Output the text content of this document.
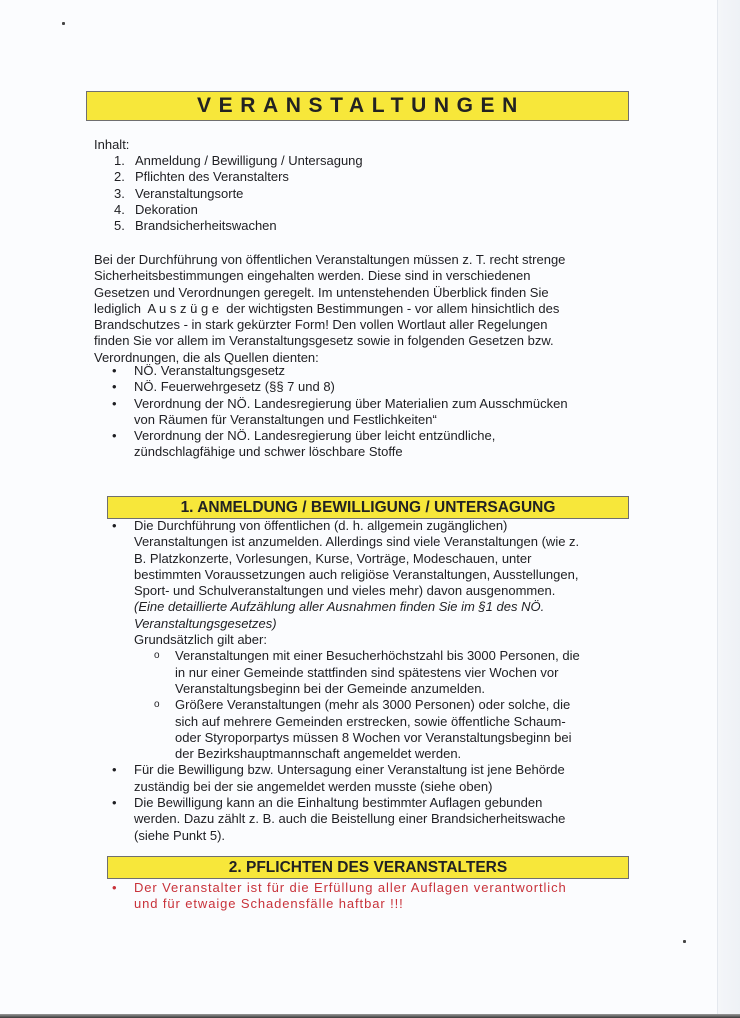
VERANSTALTUNGEN
Inhalt:
1. Anmeldung / Bewilligung / Untersagung
2. Pflichten des Veranstalters
3. Veranstaltungsorte
4. Dekoration
5. Brandsicherheitswachen
Bei der Durchführung von öffentlichen Veranstaltungen müssen z. T. recht strenge
Sicherheitsbestimmungen eingehalten werden. Diese sind in verschiedenen
Gesetzen und Verordnungen geregelt. Im untenstehenden Überblick finden Sie
lediglich  A u s z ü g e  der wichtigsten Bestimmungen - vor allem hinsichtlich des
Brandschutzes - in stark gekürzter Form! Den vollen Wortlaut aller Regelungen
finden Sie vor allem im Veranstaltungsgesetz sowie in folgenden Gesetzen bzw.
Verordnungen, die als Quellen dienten:
•	NÖ. Veranstaltungsgesetz
•	NÖ. Feuerwehrgesetz (§§ 7 und 8)
•	Verordnung der NÖ. Landesregierung über Materialien zum Ausschmücken
von Räumen für Veranstaltungen und Festlichkeiten“
•	Verordnung der NÖ. Landesregierung über leicht entzündliche,
zündschlagfähige und schwer löschbare Stoffe
1. ANMELDUNG / BEWILLIGUNG / UNTERSAGUNG
•	Die Durchführung von öffentlichen (d. h. allgemein zugänglichen)
Veranstaltungen ist anzumelden. Allerdings sind viele Veranstaltungen (wie z.
B. Platzkonzerte, Vorlesungen, Kurse, Vorträge, Modeschauen, unter
bestimmten Voraussetzungen auch religiöse Veranstaltungen, Ausstellungen,
Sport- und Schulveranstaltungen und vieles mehr) davon ausgenommen.
(Eine detaillierte Aufzählung aller Ausnahmen finden Sie im §1 des NÖ.
Veranstaltungsgesetzes)
Grundsätzlich gilt aber:
o	Veranstaltungen mit einer Besucherhöchstzahl bis 3000 Personen, die
in nur einer Gemeinde stattfinden sind spätestens vier Wochen vor
Veranstaltungsbeginn bei der Gemeinde anzumelden.
o	Größere Veranstaltungen (mehr als 3000 Personen) oder solche, die
sich auf mehrere Gemeinden erstrecken, sowie öffentliche Schaum-
oder Styroporpartys müssen 8 Wochen vor Veranstaltungsbeginn bei
der Bezirkshauptmannschaft angemeldet werden.
•	Für die Bewilligung bzw. Untersagung einer Veranstaltung ist jene Behörde
zuständig bei der sie angemeldet werden musste (siehe oben)
•	Die Bewilligung kann an die Einhaltung bestimmter Auflagen gebunden
werden. Dazu zählt z. B. auch die Beistellung einer Brandsicherheitswache
(siehe Punkt 5).
2. PFLICHTEN DES VERANSTALTERS
•	Der Veranstalter ist für die Erfüllung aller Auflagen verantwortlich
und für etwaige Schadensfälle haftbar !!!
